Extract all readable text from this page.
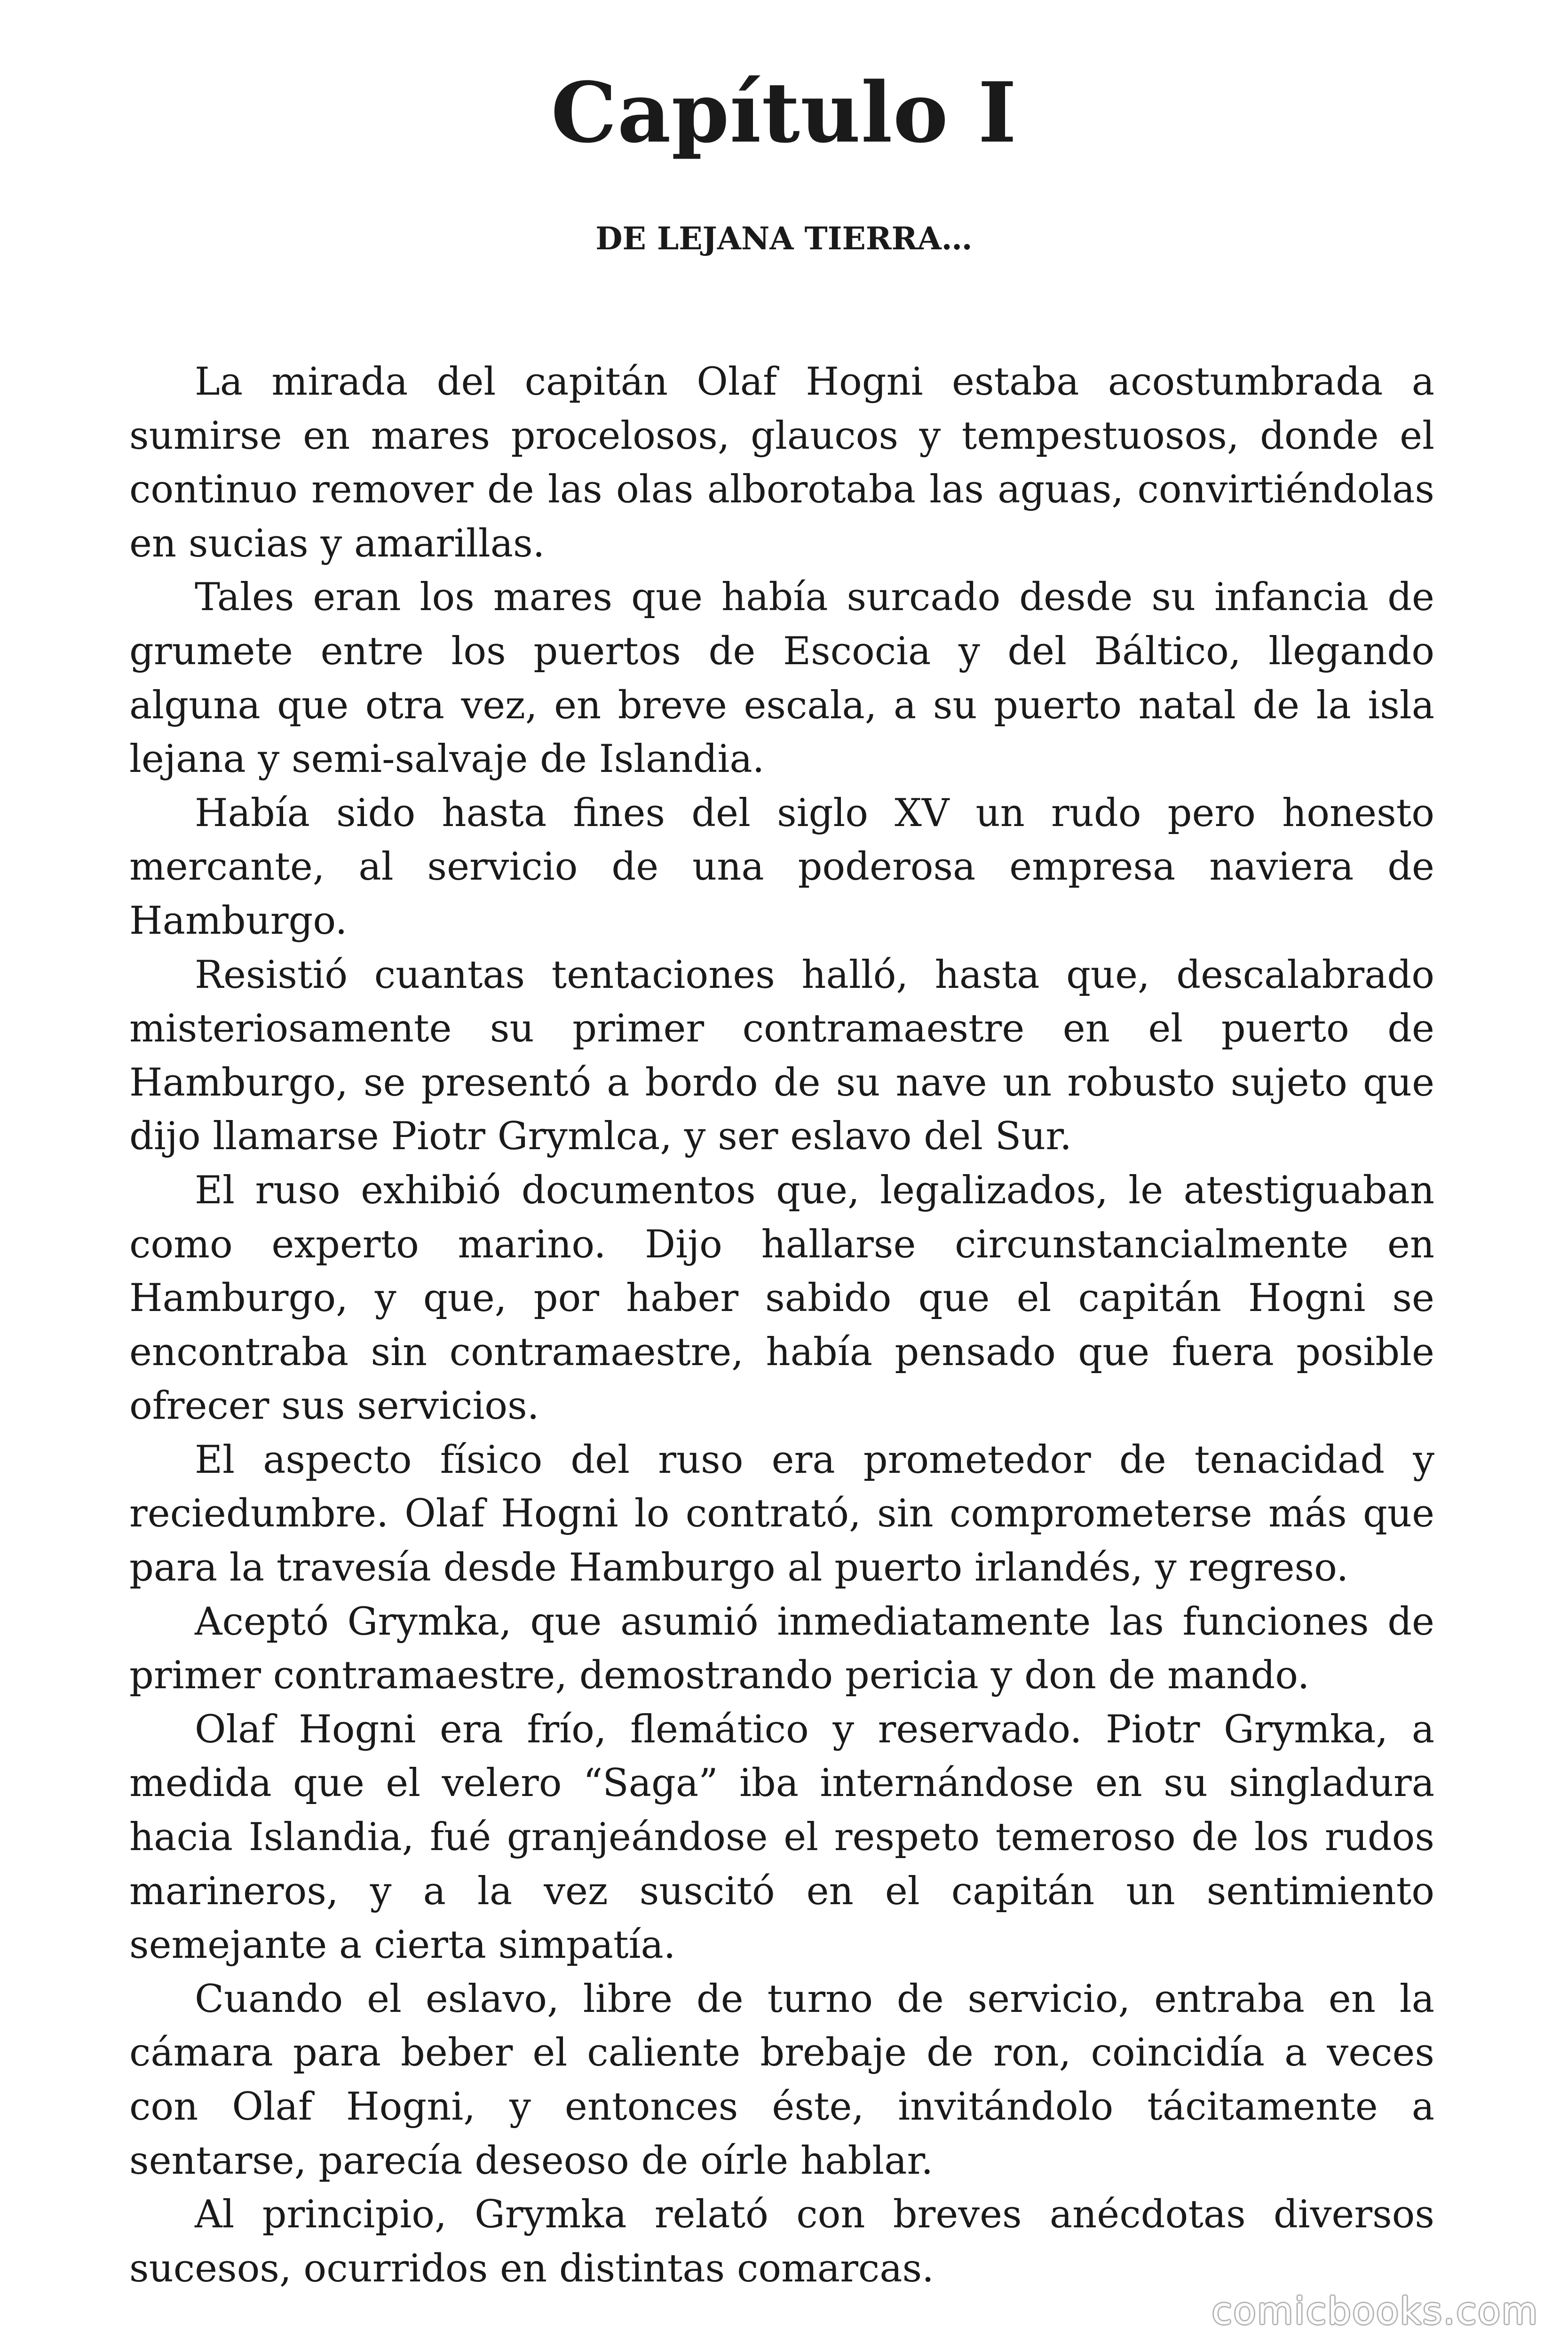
Capítulo I
DE LEJANA TIERRA…

La mirada del capitán Olaf Hogni estaba acostumbrada a sumirse en mares procelosos, glaucos y tempestuosos, donde el continuo remover de las olas alborotaba las aguas, convirtiéndolas en sucias y amarillas.

Tales eran los mares que había surcado desde su infancia de grumete entre los puertos de Escocia y del Báltico, llegando alguna que otra vez, en breve escala, a su puerto natal de la isla lejana y semi-salvaje de Islandia.

Había sido hasta fines del siglo XV un rudo pero honesto mercante, al servicio de una poderosa empresa naviera de Hamburgo.

Resistió cuantas tentaciones halló, hasta que, descalabrado misteriosamente su primer contramaestre en el puerto de Hamburgo, se presentó a bordo de su nave un robusto sujeto que dijo llamarse Piotr Grymlca, y ser eslavo del Sur.

El ruso exhibió documentos que, legalizados, le atestiguaban como experto marino. Dijo hallarse circunstancialmente en Hamburgo, y que, por haber sabido que el capitán Hogni se encontraba sin contramaestre, había pensado que fuera posible ofrecer sus servicios.

El aspecto físico del ruso era prometedor de tenacidad y reciedumbre. Olaf Hogni lo contrató, sin comprometerse más que para la travesía desde Hamburgo al puerto irlandés, y regreso.

Aceptó Grymka, que asumió inmediatamente las funciones de primer contramaestre, demostrando pericia y don de mando.

Olaf Hogni era frío, flemático y reservado. Piotr Grymka, a medida que el velero “Saga” iba internándose en su singladura hacia Islandia, fué granjeándose el respeto temeroso de los rudos marineros, y a la vez suscitó en el capitán un sentimiento semejante a cierta simpatía.

Cuando el eslavo, libre de turno de servicio, entraba en la cámara para beber el caliente brebaje de ron, coincidía a veces con Olaf Hogni, y entonces éste, invitándolo tácitamente a sentarse, parecía deseoso de oírle hablar.

Al principio, Grymka relató con breves anécdotas diversos sucesos, ocurridos en distintas comarcas.

comicbooks.com
